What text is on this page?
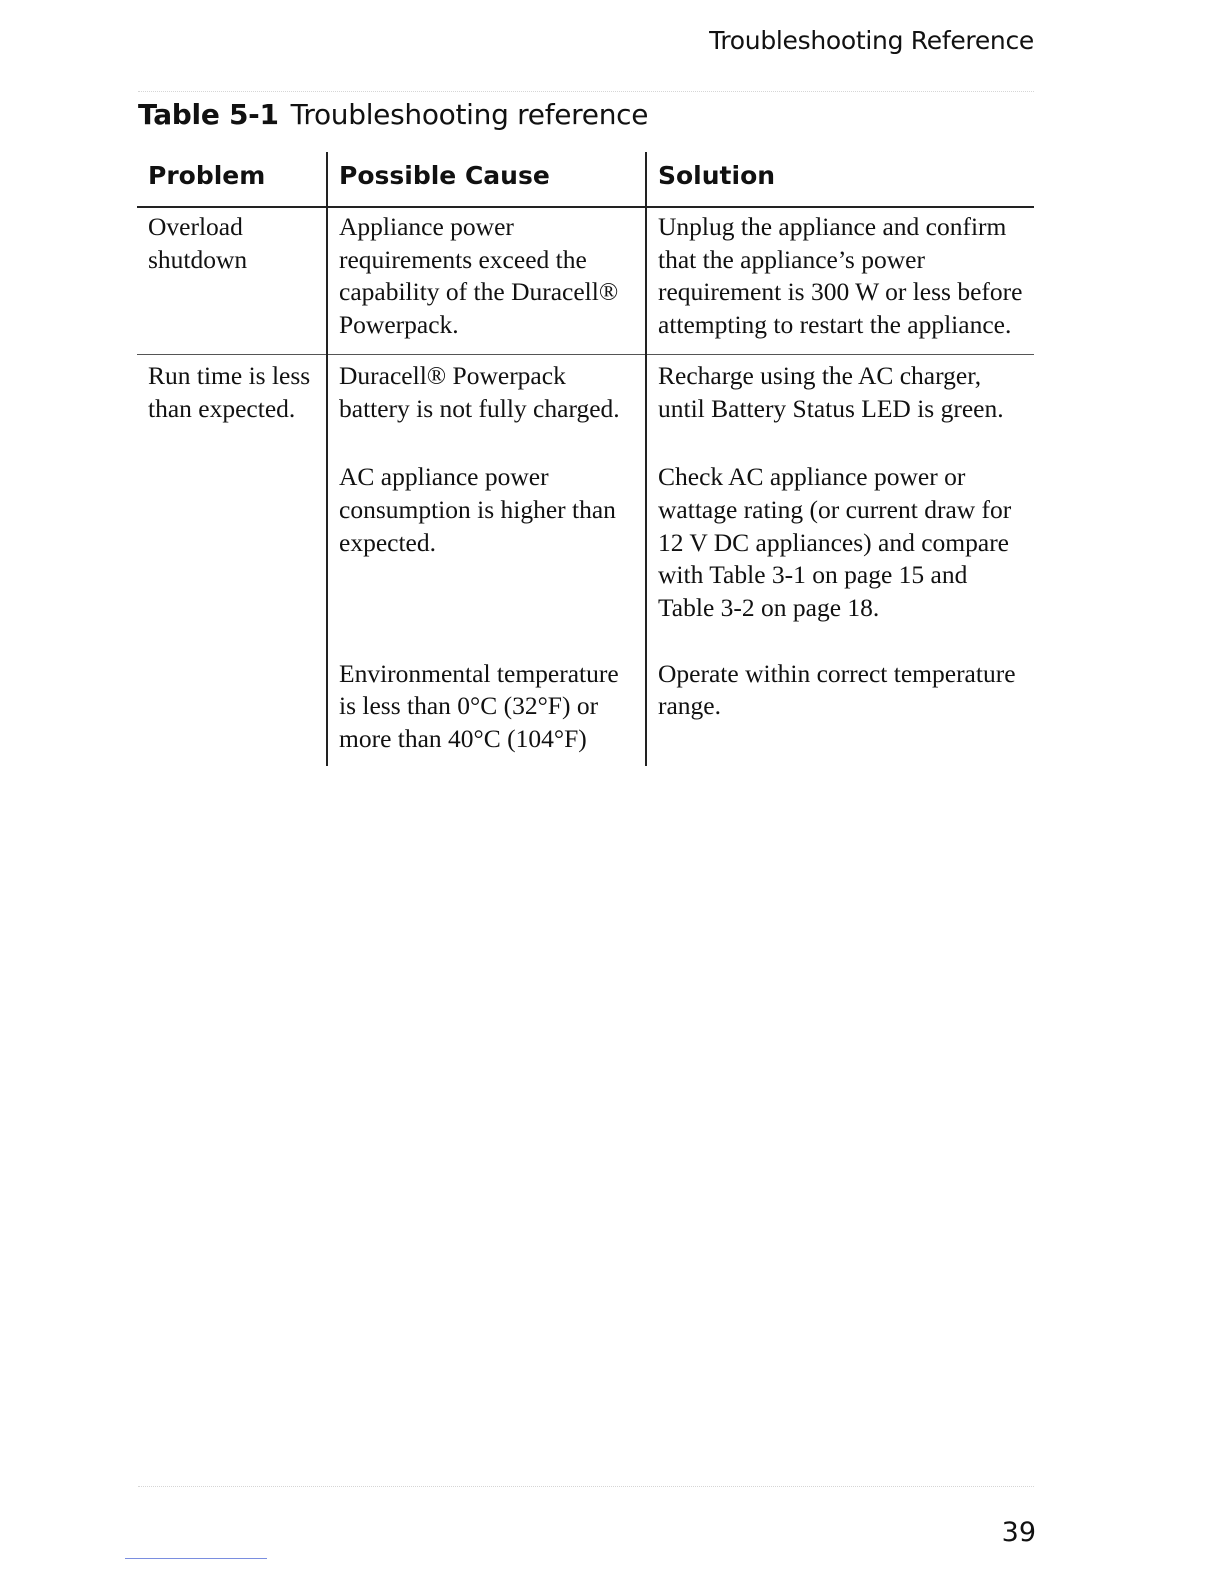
Troubleshooting Reference
Table 5-1 Troubleshooting reference
Problem	Possible Cause	Solution
Overload shutdown	Appliance power requirements exceed the capability of the Duracell® Powerpack.	Unplug the appliance and confirm that the appliance’s power requirement is 300 W or less before attempting to restart the appliance.
Run time is less than expected.	Duracell® Powerpack battery is not fully charged.	Recharge using the AC charger, until Battery Status LED is green.
	AC appliance power consumption is higher than expected.	Check AC appliance power or wattage rating (or current draw for 12 V DC appliances) and compare with Table 3-1 on page 15 and Table 3-2 on page 18.
	Environmental temperature is less than 0°C (32°F) or more than 40°C (104°F)	Operate within correct temperature range.
39
